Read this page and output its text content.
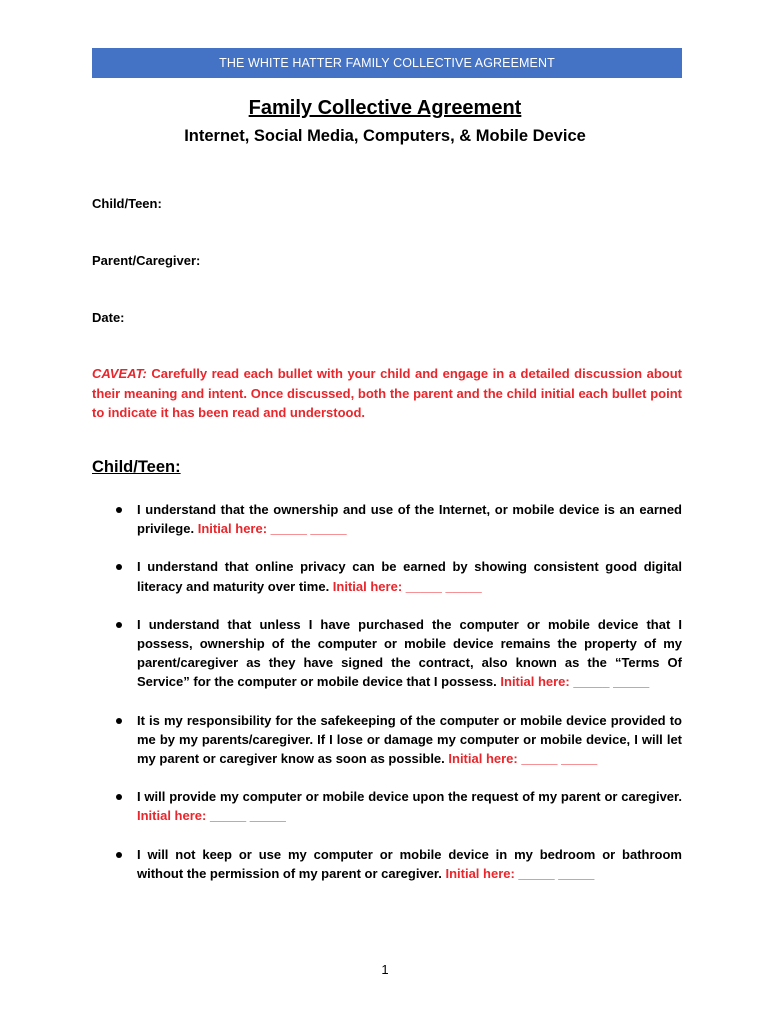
THE WHITE HATTER FAMILY COLLECTIVE AGREEMENT
Family Collective Agreement
Internet, Social Media, Computers, & Mobile Device
Child/Teen:
Parent/Caregiver:
Date:
CAVEAT: Carefully read each bullet with your child and engage in a detailed discussion about their meaning and intent. Once discussed, both the parent and the child initial each bullet point to indicate it has been read and understood.
Child/Teen:
I understand that the ownership and use of the Internet, or mobile device is an earned privilege. Initial here: _____ _____
I understand that online privacy can be earned by showing consistent good digital literacy and maturity over time. Initial here: _____ _____
I understand that unless I have purchased the computer or mobile device that I possess, ownership of the computer or mobile device remains the property of my parent/caregiver as they have signed the contract, also known as the “Terms Of Service” for the computer or mobile device that I possess. Initial here: _____ _____
It is my responsibility for the safekeeping of the computer or mobile device provided to me by my parents/caregiver. If I lose or damage my computer or mobile device, I will let my parent or caregiver know as soon as possible. Initial here: _____ _____
I will provide my computer or mobile device upon the request of my parent or caregiver. Initial here: _____ _____
I will not keep or use my computer or mobile device in my bedroom or bathroom without the permission of my parent or caregiver. Initial here: _____ _____
1
